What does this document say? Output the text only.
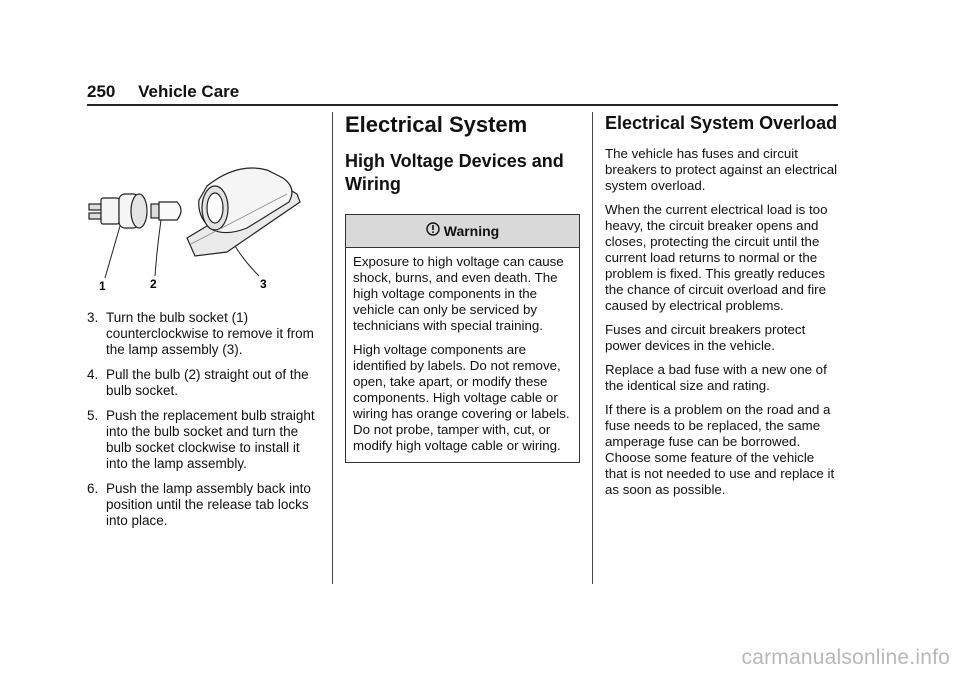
250 Vehicle Care
1	2	3
3. Turn the bulb socket (1) counterclockwise to remove it from the lamp assembly (3).
4. Pull the bulb (2) straight out of the bulb socket.
5. Push the replacement bulb straight into the bulb socket and turn the bulb socket clockwise to install it into the lamp assembly.
6. Push the lamp assembly back into position until the release tab locks into place.
Electrical System
High Voltage Devices and Wiring
Warning

Exposure to high voltage can cause shock, burns, and even death. The high voltage components in the vehicle can only be serviced by technicians with special training.

High voltage components are identified by labels. Do not remove, open, take apart, or modify these components. High voltage cable or wiring has orange covering or labels. Do not probe, tamper with, cut, or modify high voltage cable or wiring.

Electrical System Overload

The vehicle has fuses and circuit breakers to protect against an electrical system overload.

When the current electrical load is too heavy, the circuit breaker opens and closes, protecting the circuit until the current load returns to normal or the problem is fixed. This greatly reduces the chance of circuit overload and fire caused by electrical problems.

Fuses and circuit breakers protect power devices in the vehicle.

Replace a bad fuse with a new one of the identical size and rating.

If there is a problem on the road and a fuse needs to be replaced, the same amperage fuse can be borrowed. Choose some feature of the vehicle that is not needed to use and replace it as soon as possible.

carmanualsonline.info
